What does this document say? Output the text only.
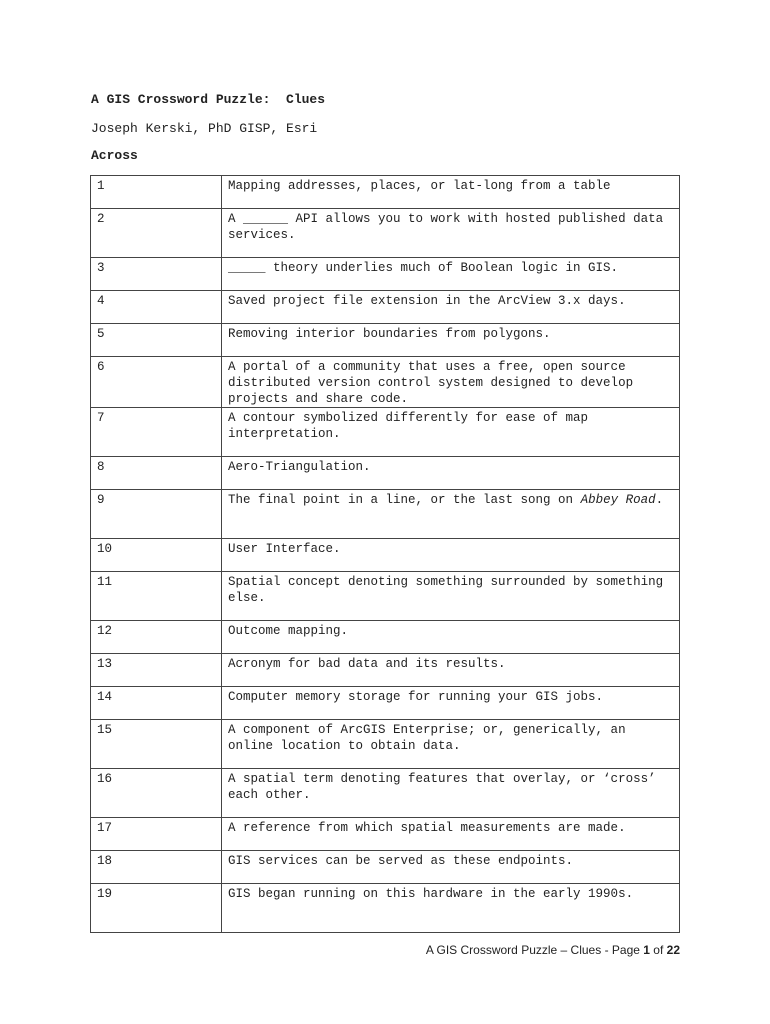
A GIS Crossword Puzzle:  Clues
Joseph Kerski, PhD GISP, Esri
Across
1	Mapping addresses, places, or lat-long from a table
2	A ______ API allows you to work with hosted published data services.
3	_____ theory underlies much of Boolean logic in GIS.
4	Saved project file extension in the ArcView 3.x days.
5	Removing interior boundaries from polygons.
6	A portal of a community that uses a free, open source distributed version control system designed to develop projects and share code.
7	A contour symbolized differently for ease of map interpretation.
8	Aero-Triangulation.
9	The final point in a line, or the last song on Abbey Road.
10	User Interface.
11	Spatial concept denoting something surrounded by something else.
12	Outcome mapping.
13	Acronym for bad data and its results.
14	Computer memory storage for running your GIS jobs.
15	A component of ArcGIS Enterprise; or, generically, an online location to obtain data.
16	A spatial term denoting features that overlay, or ‘cross’ each other.
17	A reference from which spatial measurements are made.
18	GIS services can be served as these endpoints.
19	GIS began running on this hardware in the early 1990s.
A GIS Crossword Puzzle – Clues - Page 1 of 22
